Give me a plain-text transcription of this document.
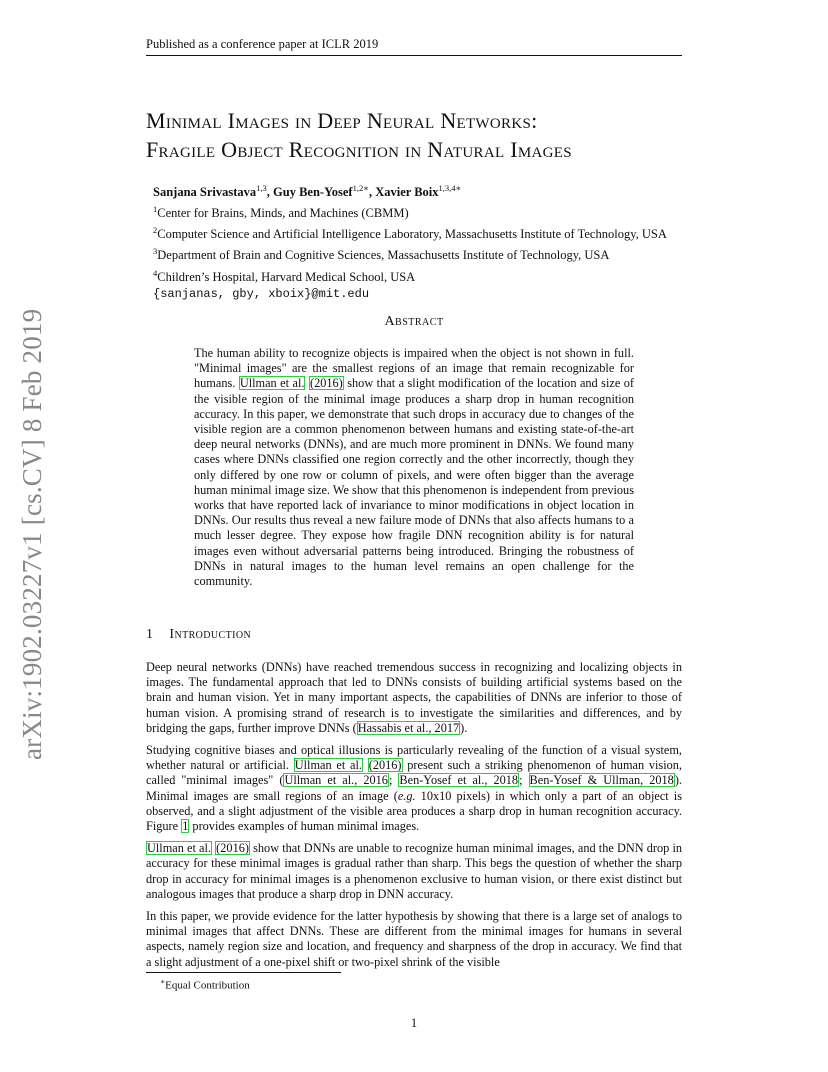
Published as a conference paper at ICLR 2019
arXiv:1902.03227v1 [cs.CV] 8 Feb 2019
Minimal Images in Deep Neural Networks:
Fragile Object Recognition in Natural Images
Sanjana Srivastava$^{1,3}$, Guy Ben-Yosef$^{1,2∗}$, Xavier Boix$^{1,3,4∗}$
$^1$Center for Brains, Minds, and Machines (CBMM)
$^2$Computer Science and Artificial Intelligence Laboratory, Massachusetts Institute of Technology, USA
$^3$Department of Brain and Cognitive Sciences, Massachusetts Institute of Technology, USA
$^4$Children’s Hospital, Harvard Medical School, USA
{sanjanas, gby, xboix}@mit.edu
Abstract

The human ability to recognize objects is impaired when the object is not shown in full. "Minimal images" are the smallest regions of an image that remain recognizable for humans. Ullman et al. (2016) show that a slight modification of the location and size of the visible region of the minimal image produces a sharp drop in human recognition accuracy. In this paper, we demonstrate that such drops in accuracy due to changes of the visible region are a common phenomenon between humans and existing state-of-the-art deep neural networks (DNNs), and are much more prominent in DNNs. We found many cases where DNNs classified one region correctly and the other incorrectly, though they only differed by one row or column of pixels, and were often bigger than the average human minimal image size. We show that this phenomenon is independent from previous works that have reported lack of invariance to minor modifications in object location in DNNs. Our results thus reveal a new failure mode of DNNs that also affects humans to a much lesser degree. They expose how fragile DNN recognition ability is for natural images even without adversarial patterns being introduced. Bringing the robustness of DNNs in natural images to the human level remains an open challenge for the community.

1 Introduction

Deep neural networks (DNNs) have reached tremendous success in recognizing and localizing objects in images. The fundamental approach that led to DNNs consists of building artificial systems based on the brain and human vision. Yet in many important aspects, the capabilities of DNNs are inferior to those of human vision. A promising strand of research is to investigate the similarities and differences, and by bridging the gaps, further improve DNNs (Hassabis et al., 2017).

Studying cognitive biases and optical illusions is particularly revealing of the function of a visual system, whether natural or artificial. Ullman et al. (2016) present such a striking phenomenon of human vision, called "minimal images" (Ullman et al., 2016; Ben-Yosef et al., 2018; Ben-Yosef & Ullman, 2018). Minimal images are small regions of an image (e.g. 10x10 pixels) in which only a part of an object is observed, and a slight adjustment of the visible area produces a sharp drop in human recognition accuracy. Figure 1 provides examples of human minimal images.

Ullman et al. (2016) show that DNNs are unable to recognize human minimal images, and the DNN drop in accuracy for these minimal images is gradual rather than sharp. This begs the question of whether the sharp drop in accuracy for minimal images is a phenomenon exclusive to human vision, or there exist distinct but analogous images that produce a sharp drop in DNN accuracy.

In this paper, we provide evidence for the latter hypothesis by showing that there is a large set of analogs to minimal images that affect DNNs. These are different from the minimal images for humans in several aspects, namely region size and location, and frequency and sharpness of the drop in accuracy. We find that a slight adjustment of a one-pixel shift or two-pixel shrink of the visible

∗Equal Contribution
1
